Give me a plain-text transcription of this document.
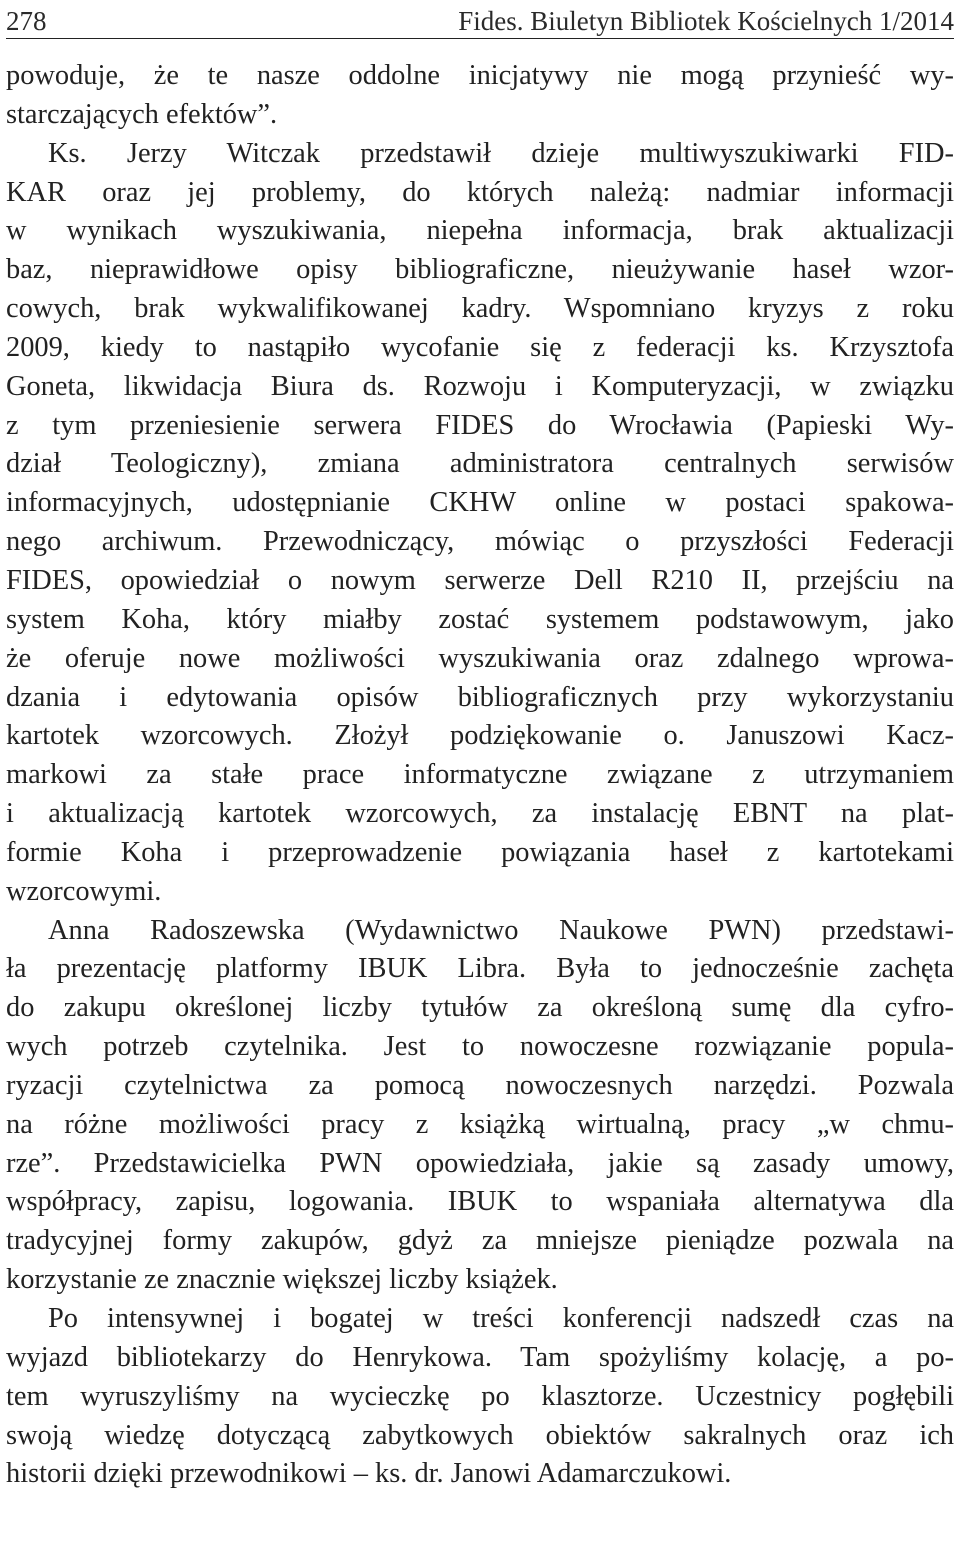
278	Fides. Biuletyn Bibliotek Kościelnych 1/2014
powoduje, że te nasze oddolne inicjatywy nie mogą przynieść wy-
starczających efektów”.
Ks. Jerzy Witczak przedstawił dzieje multiwyszukiwarki FID-
KAR oraz jej problemy, do których należą: nadmiar informacji
w wynikach wyszukiwania, niepełna informacja, brak aktualizacji
baz, nieprawidłowe opisy bibliograficzne, nieużywanie haseł wzor-
cowych, brak wykwalifikowanej kadry. Wspomniano kryzys z roku
2009, kiedy to nastąpiło wycofanie się z federacji ks. Krzysztofa
Goneta, likwidacja Biura ds. Rozwoju i Komputeryzacji, w związku
z tym przeniesienie serwera FIDES do Wrocławia (Papieski Wy-
dział Teologiczny), zmiana administratora centralnych serwisów
informacyjnych, udostępnianie CKHW online w postaci spakowa-
nego archiwum. Przewodniczący, mówiąc o przyszłości Federacji
FIDES, opowiedział o nowym serwerze Dell R210 II, przejściu na
system Koha, który miałby zostać systemem podstawowym, jako
że oferuje nowe możliwości wyszukiwania oraz zdalnego wprowa-
dzania i edytowania opisów bibliograficznych przy wykorzystaniu
kartotek wzorcowych. Złożył podziękowanie o. Januszowi Kacz-
markowi za stałe prace informatyczne związane z utrzymaniem
i aktualizacją kartotek wzorcowych, za instalację EBNT na plat-
formie Koha i przeprowadzenie powiązania haseł z kartotekami
wzorcowymi.
Anna Radoszewska (Wydawnictwo Naukowe PWN) przedstawi-
ła prezentację platformy IBUK Libra. Była to jednocześnie zachęta
do zakupu określonej liczby tytułów za określoną sumę dla cyfro-
wych potrzeb czytelnika. Jest to nowoczesne rozwiązanie popula-
ryzacji czytelnictwa za pomocą nowoczesnych narzędzi. Pozwala
na różne możliwości pracy z książką wirtualną, pracy „w chmu-
rze”. Przedstawicielka PWN opowiedziała, jakie są zasady umowy,
współpracy, zapisu, logowania. IBUK to wspaniała alternatywa dla
tradycyjnej formy zakupów, gdyż za mniejsze pieniądze pozwala na
korzystanie ze znacznie większej liczby książek.
Po intensywnej i bogatej w treści konferencji nadszedł czas na
wyjazd bibliotekarzy do Henrykowa. Tam spożyliśmy kolację, a po-
tem wyruszyliśmy na wycieczkę po klasztorze. Uczestnicy pogłębili
swoją wiedzę dotyczącą zabytkowych obiektów sakralnych oraz ich
historii dzięki przewodnikowi – ks. dr. Janowi Adamarczukowi.
